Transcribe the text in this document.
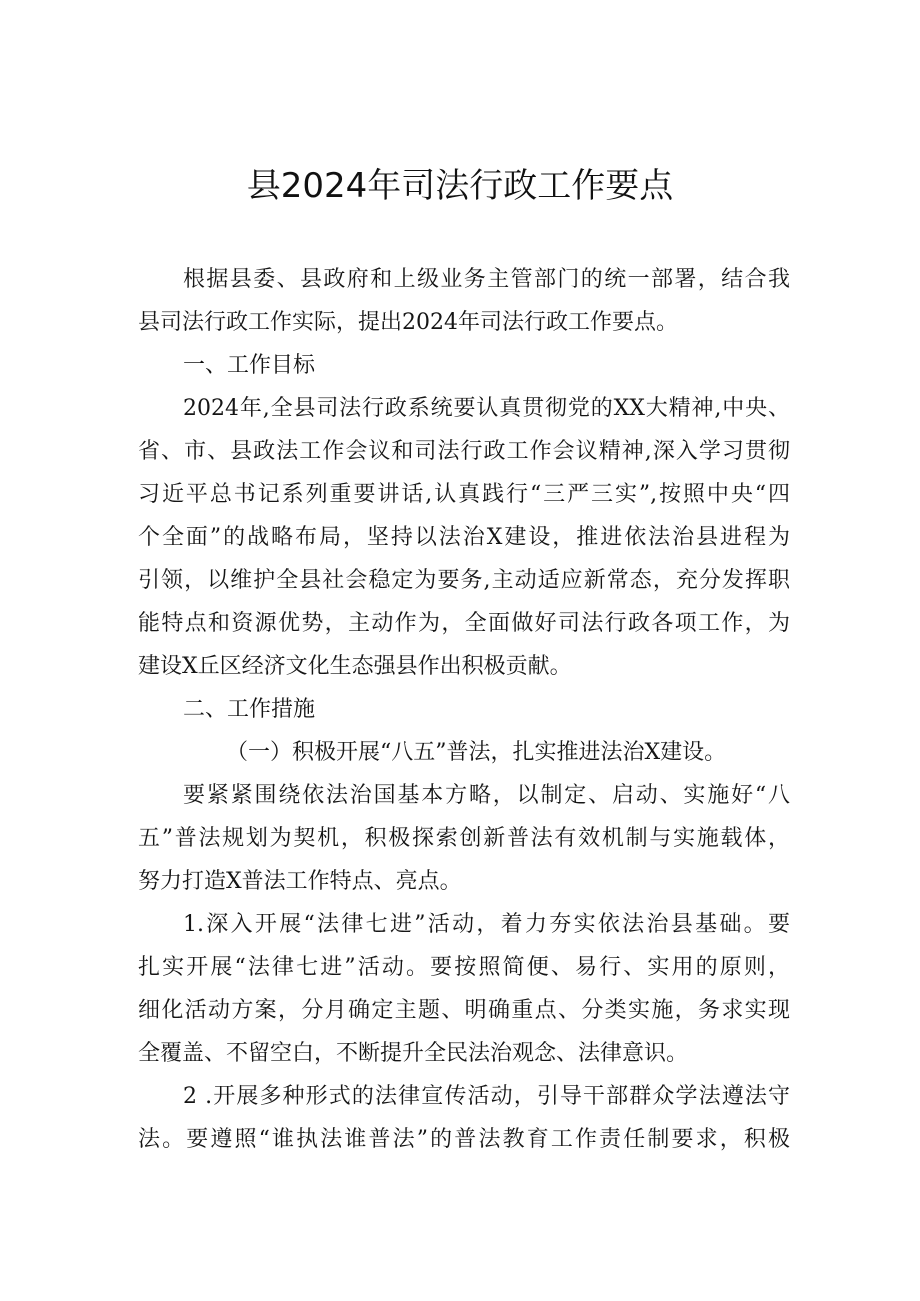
县2024年司法行政工作要点
根据县委、县政府和上级业务主管部门的统一部署，结合我
县司法行政工作实际，提出2024年司法行政工作要点。
一、工作目标
2024年,全县司法行政系统要认真贯彻党的XX大精神,中央、
省、市、县政法工作会议和司法行政工作会议精神,深入学习贯彻
习近平总书记系列重要讲话,认真践行“三严三实”,按照中央“四
个全面”的战略布局，坚持以法治X建设，推进依法治县进程为
引领，以维护全县社会稳定为要务,主动适应新常态，充分发挥职
能特点和资源优势，主动作为，全面做好司法行政各项工作，为
建设X丘区经济文化生态强县作出积极贡献。
二、工作措施
（一）积极开展“八五”普法，扎实推进法治X建设。
要紧紧围绕依法治国基本方略，以制定、启动、实施好“八
五”普法规划为契机，积极探索创新普法有效机制与实施载体，
努力打造X普法工作特点、亮点。
1.深入开展“法律七进”活动，着力夯实依法治县基础。要
扎实开展“法律七进”活动。要按照简便、易行、实用的原则，
细化活动方案，分月确定主题、明确重点、分类实施，务求实现
全覆盖、不留空白，不断提升全民法治观念、法律意识。
2 .开展多种形式的法律宣传活动，引导干部群众学法遵法守
法。要遵照“谁执法谁普法”的普法教育工作责任制要求，积极
